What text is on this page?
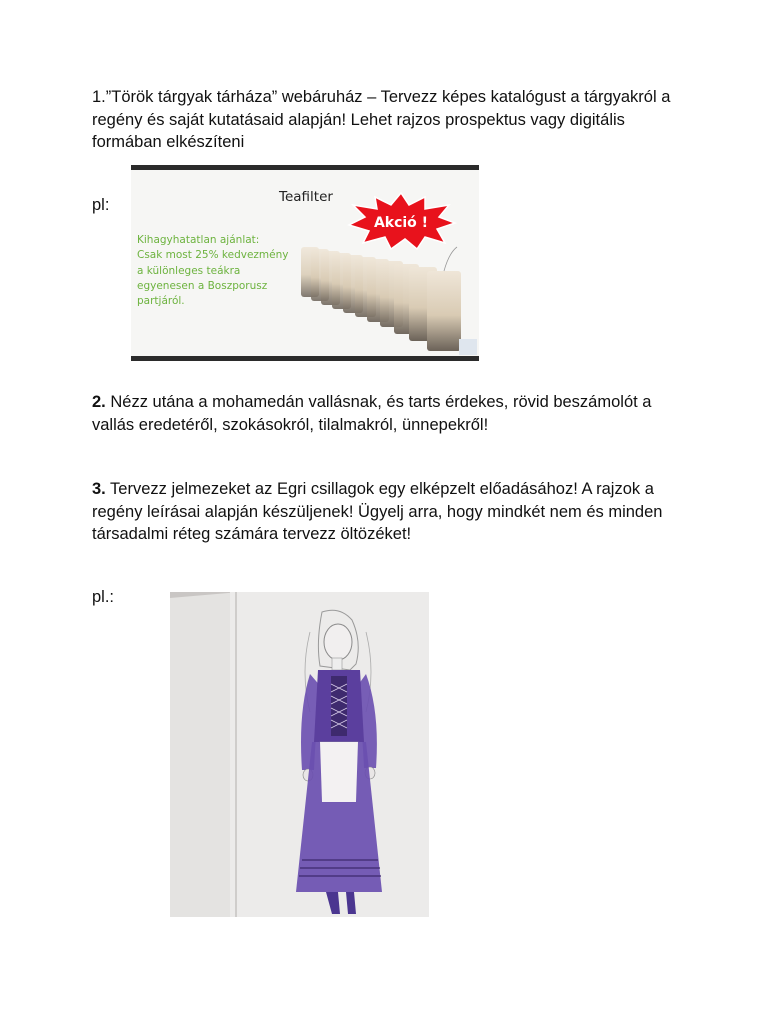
1.”Török tárgyak tárháza” webáruház – Tervezz képes katalógust a tárgyakról a
regény és saját kutatásaid alapján! Lehet rajzos prospektus vagy digitális
formában elkészíteni
pl:	Teafilter
Akció !
Kihagyhatatlan ajánlat:
Csak most 25% kedvezmény
a különleges teákra
egyenesen a Boszporusz
partjáról.
2. Nézz utána a mohamedán vallásnak, és tarts érdekes, rövid beszámolót a
vallás eredetéről, szokásokról, tilalmakról, ünnepekről!
3. Tervezz jelmezeket az Egri csillagok egy elképzelt előadásához! A rajzok a
regény leírásai alapján készüljenek! Ügyelj arra, hogy mindkét nem és minden
társadalmi réteg számára tervezz öltözéket!
pl.:
